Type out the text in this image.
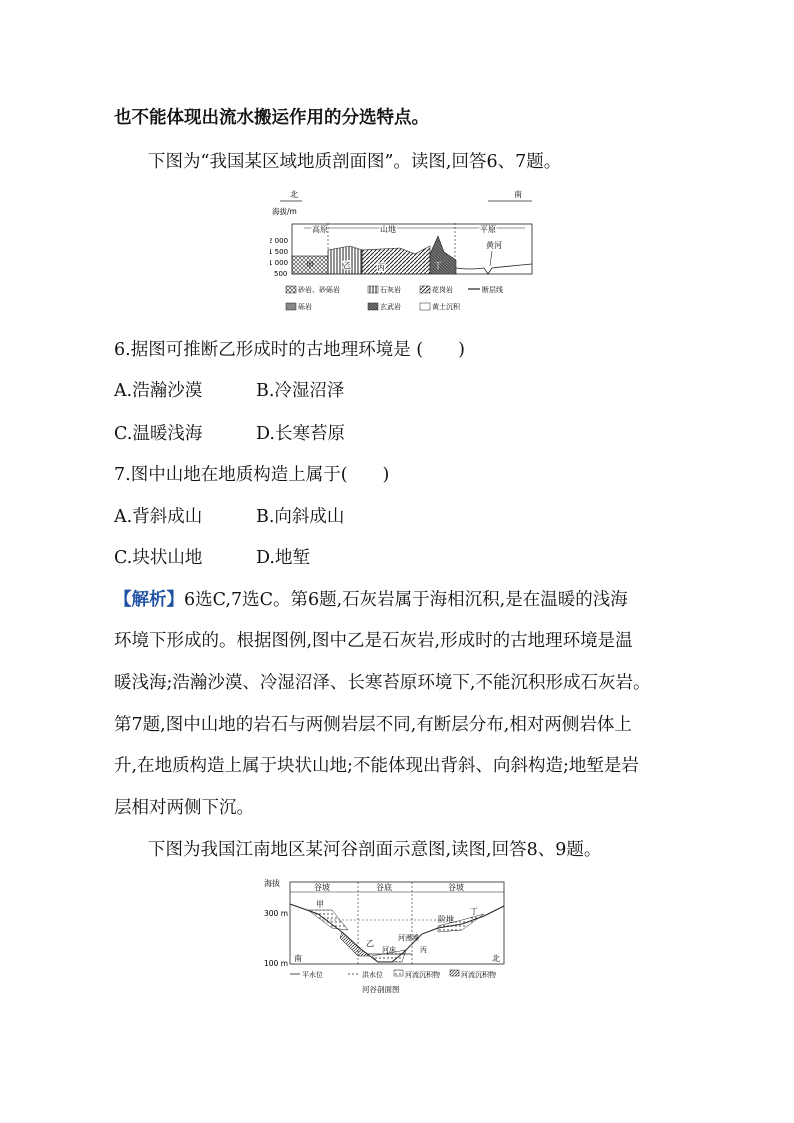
也不能体现出流水搬运作用的分选特点。
下图为“我国某区域地质剖面图”。读图,回答6、7题。
北	南
海拔/m
高原	山地	平原
2 000
1 500
1 000
500
黄河
甲	乙	丙	丁
砂岩、砂砾岩	石灰岩	花岗岩	断层线
砾岩	玄武岩	黄土沉积
6.据图可推断乙形成时的古地理环境是 (　　)
A.浩瀚沙漠	B.冷湿沼泽
C.温暖浅海	D.长寒苔原
7.图中山地在地质构造上属于(　　)
A.背斜成山	B.向斜成山
C.块状山地	D.地堑
【解析】6选C,7选C。第6题,石灰岩属于海相沉积,是在温暖的浅海
环境下形成的。根据图例,图中乙是石灰岩,形成时的古地理环境是温
暖浅海;浩瀚沙漠、冷湿沼泽、长寒苔原环境下,不能沉积形成石灰岩。
第7题,图中山地的岩石与两侧岩层不同,有断层分布,相对两侧岩体上
升,在地质构造上属于块状山地;不能体现出背斜、向斜构造;地堑是岩
层相对两侧下沉。
下图为我国江南地区某河谷剖面示意图,读图,回答8、9题。
海拔
300 m
100 m
谷坡	谷底	谷坡
甲
乙
河床
河漫滩
丙
阶地
丁
南	北
平水位	洪水位	河流沉积物	河流沉积物
河谷剖面图
